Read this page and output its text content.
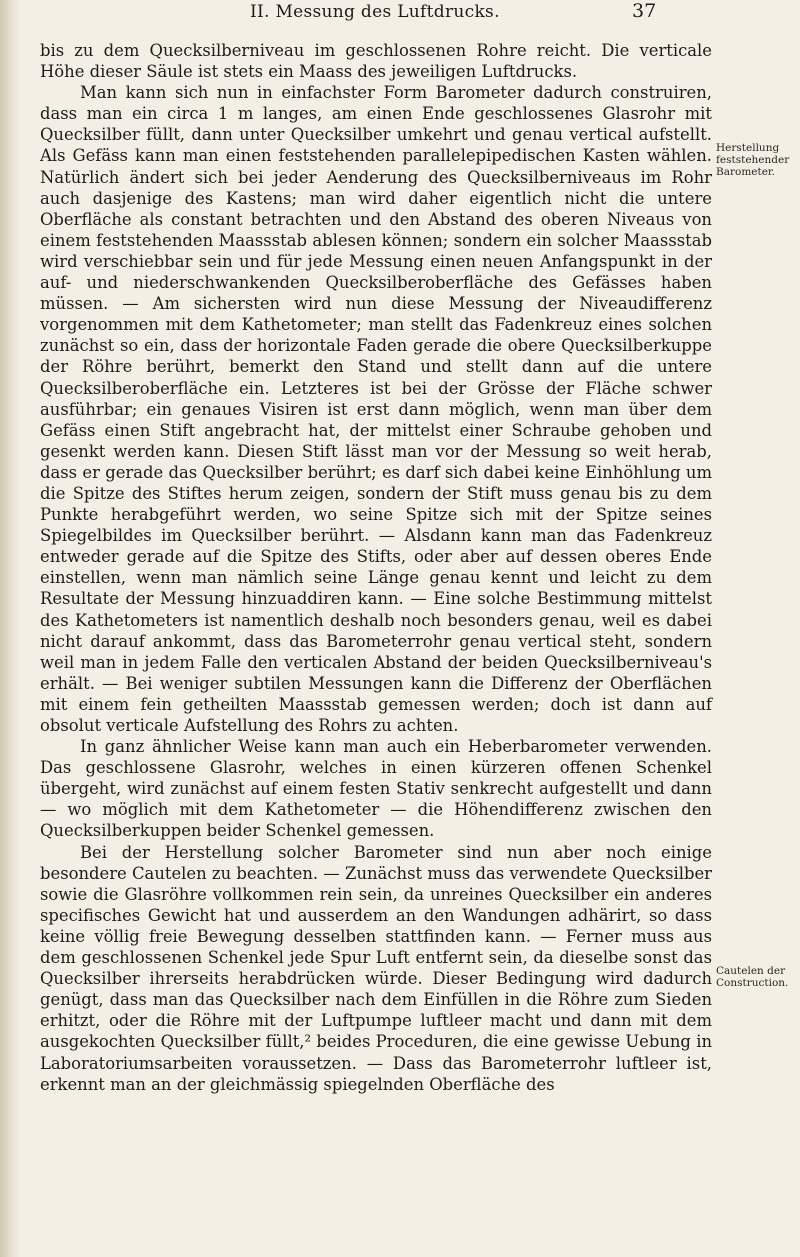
II. Messung des Luftdrucks.	37

bis zu dem Quecksilberniveau im geschlossenen Rohre reicht. Die verticale Höhe dieser Säule ist stets ein Maass des jeweiligen Luftdrucks.

Man kann sich nun in einfachster Form Barometer dadurch construiren, dass man ein circa 1 m langes, am einen Ende geschlossenes Glasrohr mit Quecksilber füllt, dann unter Quecksilber umkehrt und genau vertical aufstellt. Als Gefäss kann man einen feststehenden parallelepipedischen Kasten wählen. Natürlich ändert sich bei jeder Aenderung des Quecksilberniveaus im Rohr auch dasjenige des Kastens; man wird daher eigentlich nicht die untere Oberfläche als constant betrachten und den Abstand des oberen Niveaus von einem feststehenden Maassstab ablesen können; sondern ein solcher Maassstab wird verschiebbar sein und für jede Messung einen neuen Anfangspunkt in der auf- und niederschwankenden Quecksilberoberfläche des Gefässes haben müssen. — Am sichersten wird nun diese Messung der Niveaudifferenz vorgenommen mit dem Kathetometer; man stellt das Fadenkreuz eines solchen zunächst so ein, dass der horizontale Faden gerade die obere Quecksilberkuppe der Röhre berührt, bemerkt den Stand und stellt dann auf die untere Quecksilberoberfläche ein. Letzteres ist bei der Grösse der Fläche schwer ausführbar; ein genaues Visiren ist erst dann möglich, wenn man über dem Gefäss einen Stift angebracht hat, der mittelst einer Schraube gehoben und gesenkt werden kann. Diesen Stift lässt man vor der Messung so weit herab, dass er gerade das Quecksilber berührt; es darf sich dabei keine Einhöhlung um die Spitze des Stiftes herum zeigen, sondern der Stift muss genau bis zu dem Punkte herabgeführt werden, wo seine Spitze sich mit der Spitze seines Spiegelbildes im Quecksilber berührt. — Alsdann kann man das Fadenkreuz entweder gerade auf die Spitze des Stifts, oder aber auf dessen oberes Ende einstellen, wenn man nämlich seine Länge genau kennt und leicht zu dem Resultate der Messung hinzuaddiren kann. — Eine solche Bestimmung mittelst des Kathetometers ist namentlich deshalb noch besonders genau, weil es dabei nicht darauf ankommt, dass das Barometerrohr genau vertical steht, sondern weil man in jedem Falle den verticalen Abstand der beiden Quecksilberniveau's erhält. — Bei weniger subtilen Messungen kann die Differenz der Oberflächen mit einem fein getheilten Maassstab gemessen werden; doch ist dann auf obsolut verticale Aufstellung des Rohrs zu achten.

In ganz ähnlicher Weise kann man auch ein Heberbarometer verwenden. Das geschlossene Glasrohr, welches in einen kürzeren offenen Schenkel übergeht, wird zunächst auf einem festen Stativ senkrecht aufgestellt und dann — wo möglich mit dem Kathetometer — die Höhendifferenz zwischen den Quecksilberkuppen beider Schenkel gemessen.

Bei der Herstellung solcher Barometer sind nun aber noch einige besondere Cautelen zu beachten. — Zunächst muss das verwendete Quecksilber sowie die Glasröhre vollkommen rein sein, da unreines Quecksilber ein anderes specifisches Gewicht hat und ausserdem an den Wandungen adhärirt, so dass keine völlig freie Bewegung desselben stattfinden kann. — Ferner muss aus dem geschlossenen Schenkel jede Spur Luft entfernt sein, da dieselbe sonst das Quecksilber ihrerseits herabdrücken würde. Dieser Bedingung wird dadurch genügt, dass man das Quecksilber nach dem Einfüllen in die Röhre zum Sieden erhitzt, oder die Röhre mit der Luftpumpe luftleer macht und dann mit dem ausgekochten Quecksilber füllt,² beides Proceduren, die eine gewisse Uebung in Laboratoriumsarbeiten voraussetzen. — Dass das Barometerrohr luftleer ist, erkennt man an der gleichmässig spiegelnden Oberfläche des

Herstellung feststehender Barometer.
Cautelen der Construction.
